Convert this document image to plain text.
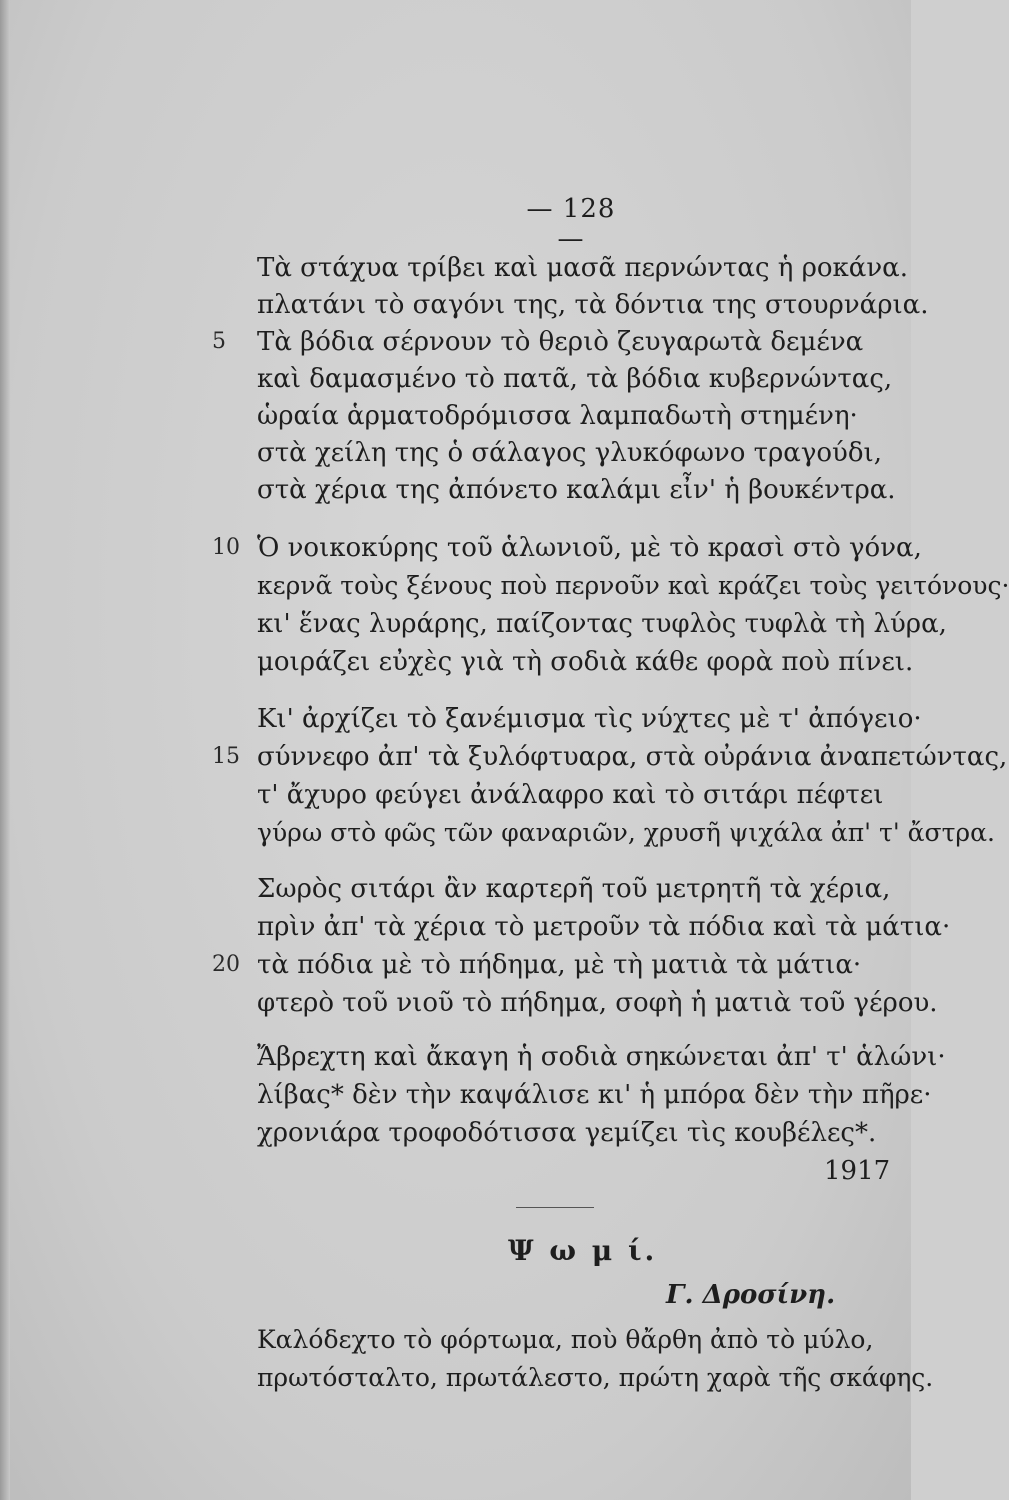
— 128 —
Τὰ στάχυα τρίβει καὶ μασᾶ περνώντας ἡ ροκάνα.
πλατάνι τὸ σαγόνι της, τὰ δόντια της στουρνάρια.
5 Τὰ βόδια σέρνουν τὸ θεριὸ ζευγαρωτὰ δεμένα
καὶ δαμασμένο τὸ πατᾶ, τὰ βόδια κυβερνώντας,
ὡραία ἁρματοδρόμισσα λαμπαδωτὴ στημένη·
στὰ χείλη της ὁ σάλαγος γλυκόφωνο τραγούδι,
στὰ χέρια της ἀπόνετο καλάμι εἶν' ἡ βουκέντρα.
10 Ὁ νοικοκύρης τοῦ ἁλωνιοῦ, μὲ τὸ κρασὶ στὸ γόνα,
κερνᾶ τοὺς ξένους ποὺ περνοῦν καὶ κράζει τοὺς γειτόνους·
κι' ἕνας λυράρης, παίζοντας τυφλὸς τυφλὰ τὴ λύρα,
μοιράζει εὐχὲς γιὰ τὴ σοδιὰ κάθε φορὰ ποὺ πίνει.
Κι' ἀρχίζει τὸ ξανέμισμα τὶς νύχτες μὲ τ' ἀπόγειο·
15 σύννεφο ἀπ' τὰ ξυλόφτυαρα, στὰ οὐράνια ἀναπετώντας,
τ' ἄχυρο φεύγει ἀνάλαφρο καὶ τὸ σιτάρι πέφτει
γύρω στὸ φῶς τῶν φαναριῶν, χρυσῆ ψιχάλα ἀπ' τ' ἄστρα.
Σωρὸς σιτάρι ἂν καρτερῆ τοῦ μετρητῆ τὰ χέρια,
πρὶν ἀπ' τὰ χέρια τὸ μετροῦν τὰ πόδια καὶ τὰ μάτια·
20 τὰ πόδια μὲ τὸ πήδημα, μὲ τὴ ματιὰ τὰ μάτια·
φτερὸ τοῦ νιοῦ τὸ πήδημα, σοφὴ ἡ ματιὰ τοῦ γέρου.
Ἄβρεχτη καὶ ἄκαγη ἡ σοδιὰ σηκώνεται ἀπ' τ' ἁλώνι·
λίβας* δὲν τὴν καψάλισε κι' ἡ μπόρα δὲν τὴν πῆρε·
χρονιάρα τροφοδότισσα γεμίζει τὶς κουβέλες*.
1917
Ψ ω μ ί.
Γ. Δροσίνη.
Καλόδεχτο τὸ φόρτωμα, ποὺ θἄρθη ἀπὸ τὸ μύλο,
πρωτόσταλτο, πρωτάλεστο, πρώτη χαρὰ τῆς σκάφης.
